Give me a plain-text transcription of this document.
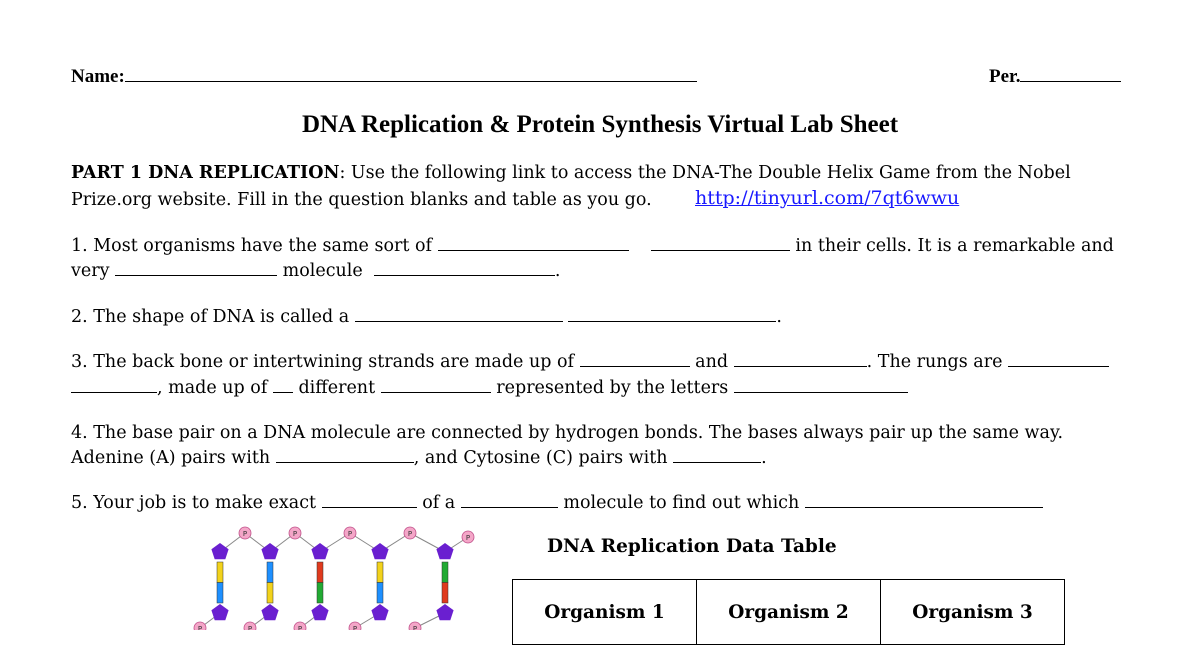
Name:	Per.
DNA Replication & Protein Synthesis Virtual Lab Sheet
PART 1 DNA REPLICATION: Use the following link to access the DNA-The Double Helix Game from the Nobel
Prize.org website. Fill in the question blanks and table as you go. http://tinyurl.com/7qt6wwu
1. Most organisms have the same sort of	in their cells. It is a remarkable and
very	molecule	.
2. The shape of DNA is called a	.
3. The back bone or intertwining strands are made up of	and	. The rungs are
, made up of different	represented by the letters
4. The base pair on a DNA molecule are connected by hydrogen bonds. The bases always pair up the same way.
Adenine (A) pairs with	, and Cytosine (C) pairs with	.
5. Your job is to make exact	of a	molecule to find out which
P	P	P	P	P
P	P	P	P	P
DNA Replication Data Table
Organism 1	Organism 2	Organism 3
